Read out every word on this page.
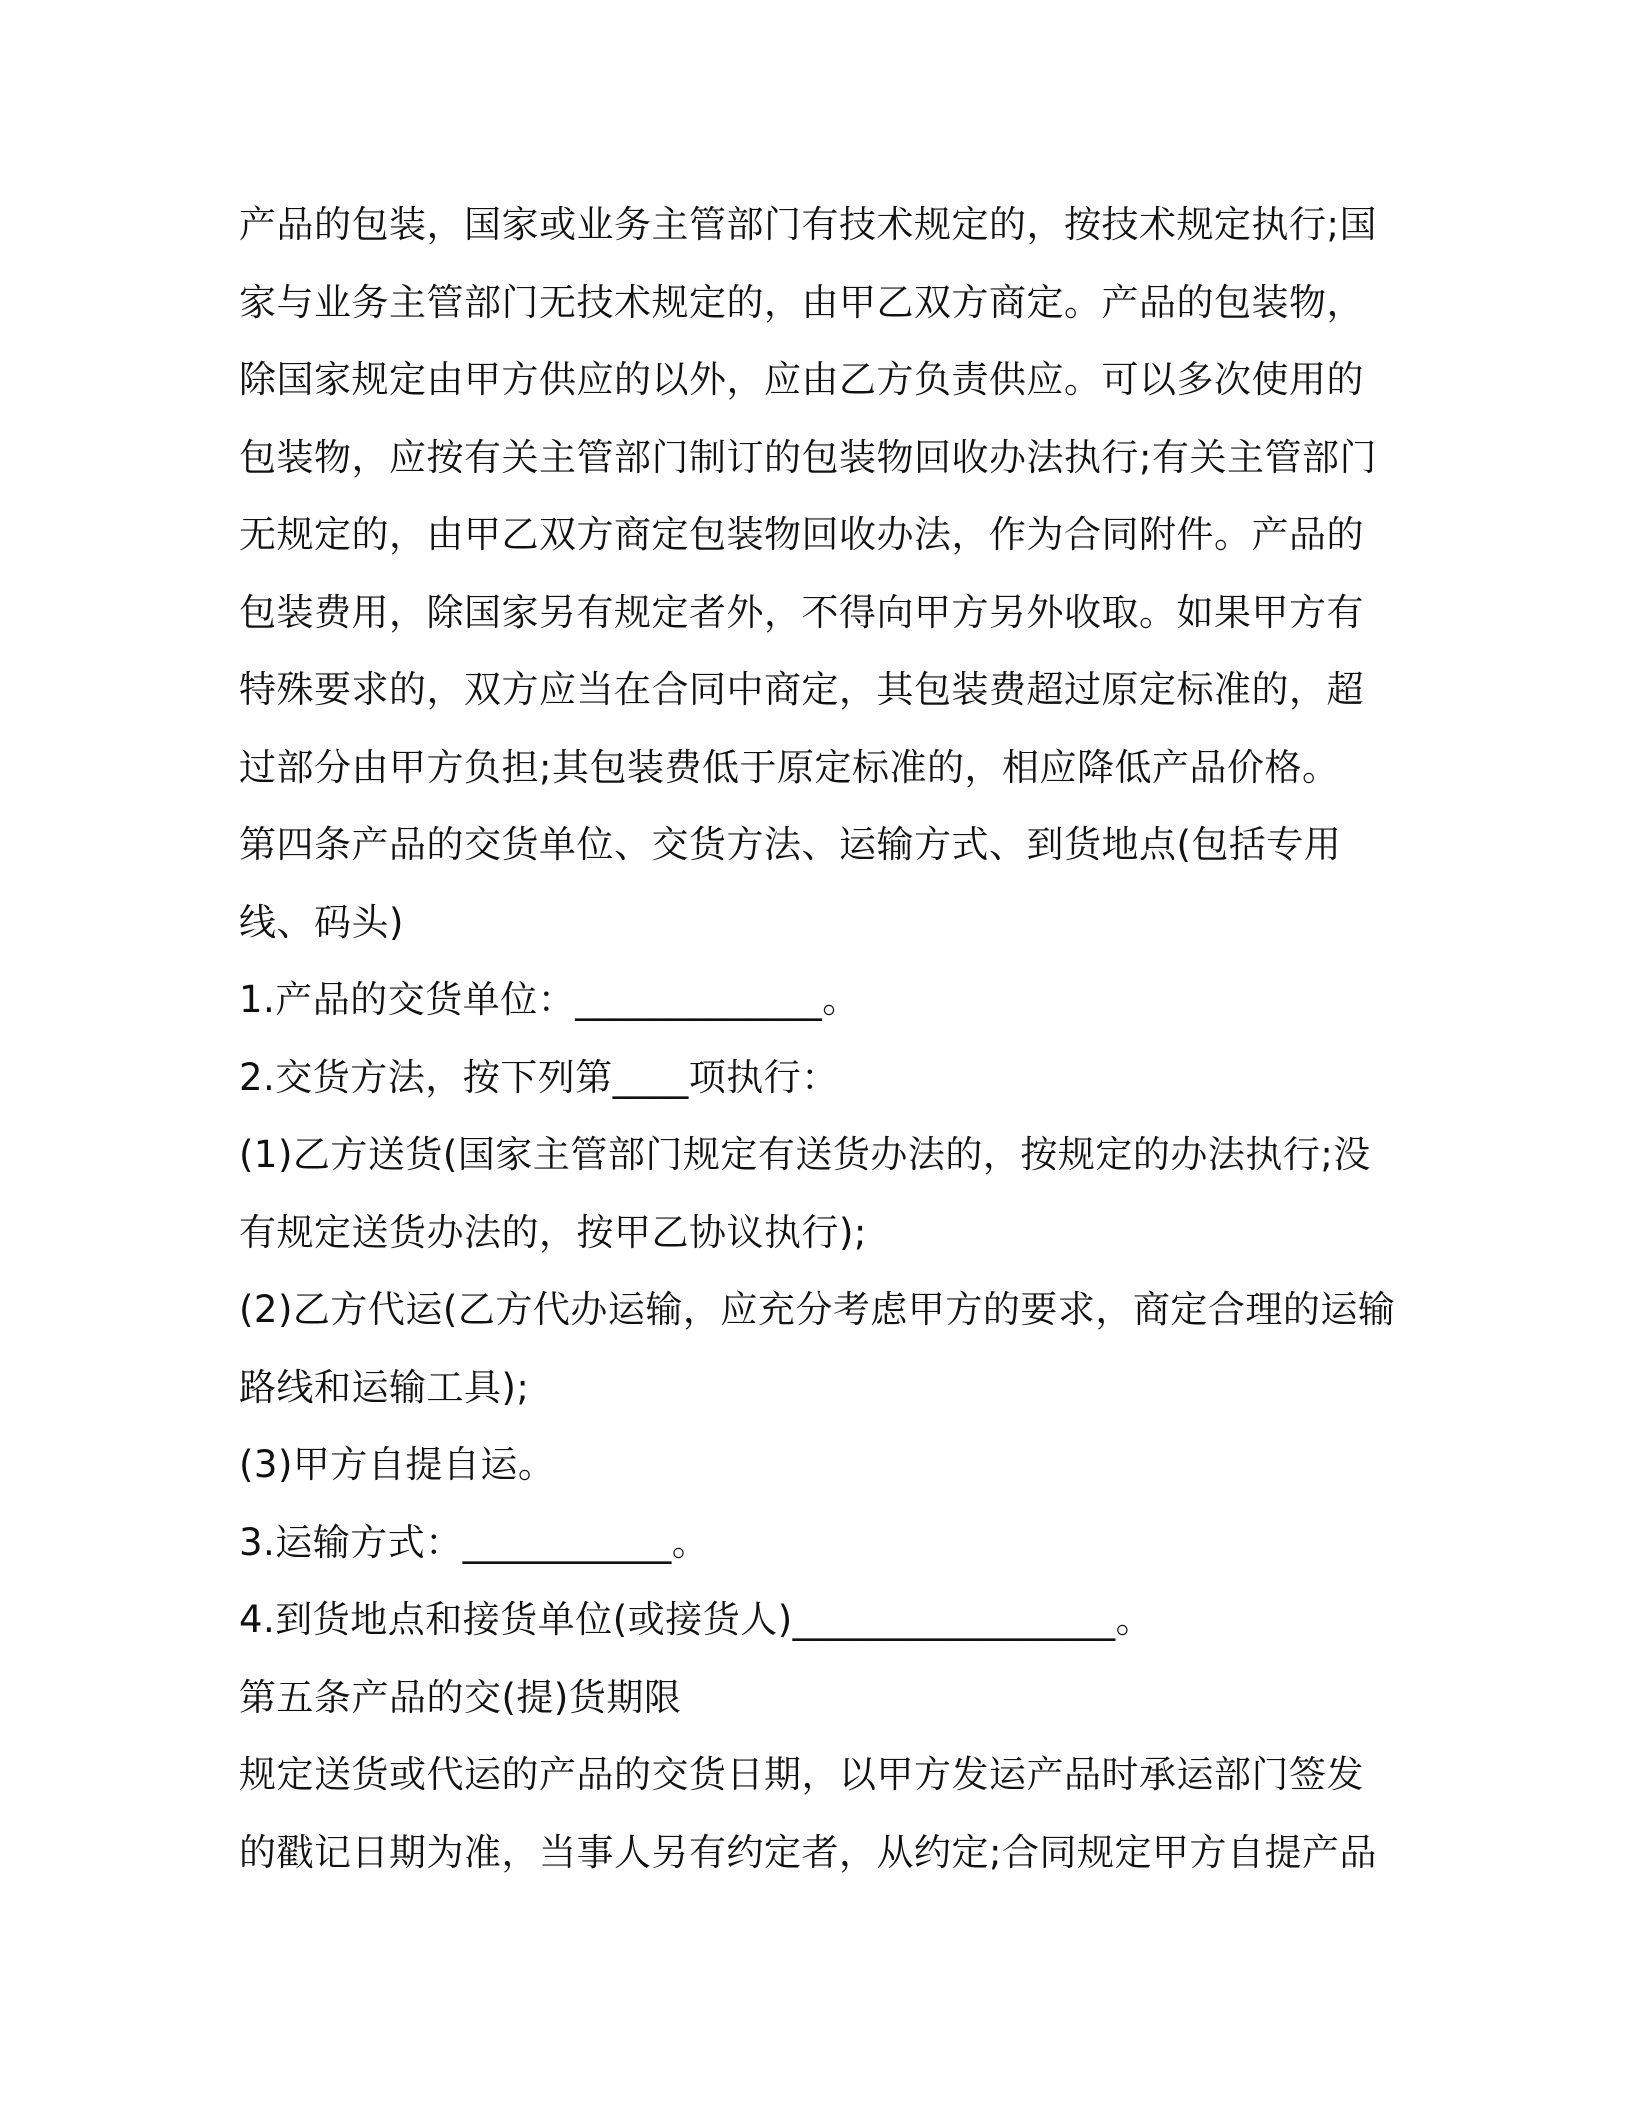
产品的包装，国家或业务主管部门有技术规定的，按技术规定执行;国家与业务主管部门无技术规定的，由甲乙双方商定。产品的包装物，除国家规定由甲方供应的以外，应由乙方负责供应。可以多次使用的包装物，应按有关主管部门制订的包装物回收办法执行;有关主管部门无规定的，由甲乙双方商定包装物回收办法，作为合同附件。产品的包装费用，除国家另有规定者外，不得向甲方另外收取。如果甲方有特殊要求的，双方应当在合同中商定，其包装费超过原定标准的，超过部分由甲方负担;其包装费低于原定标准的，相应降低产品价格。

第四条产品的交货单位、交货方法、运输方式、到货地点(包括专用线、码头)

1.产品的交货单位：_____________。

2.交货方法，按下列第____项执行：

(1)乙方送货(国家主管部门规定有送货办法的，按规定的办法执行;没有规定送货办法的，按甲乙协议执行);

(2)乙方代运(乙方代办运输，应充分考虑甲方的要求，商定合理的运输路线和运输工具);

(3)甲方自提自运。

3.运输方式：___________。

4.到货地点和接货单位(或接货人)_________________。

第五条产品的交(提)货期限

规定送货或代运的产品的交货日期，以甲方发运产品时承运部门签发的戳记日期为准，当事人另有约定者，从约定;合同规定甲方自提产品
